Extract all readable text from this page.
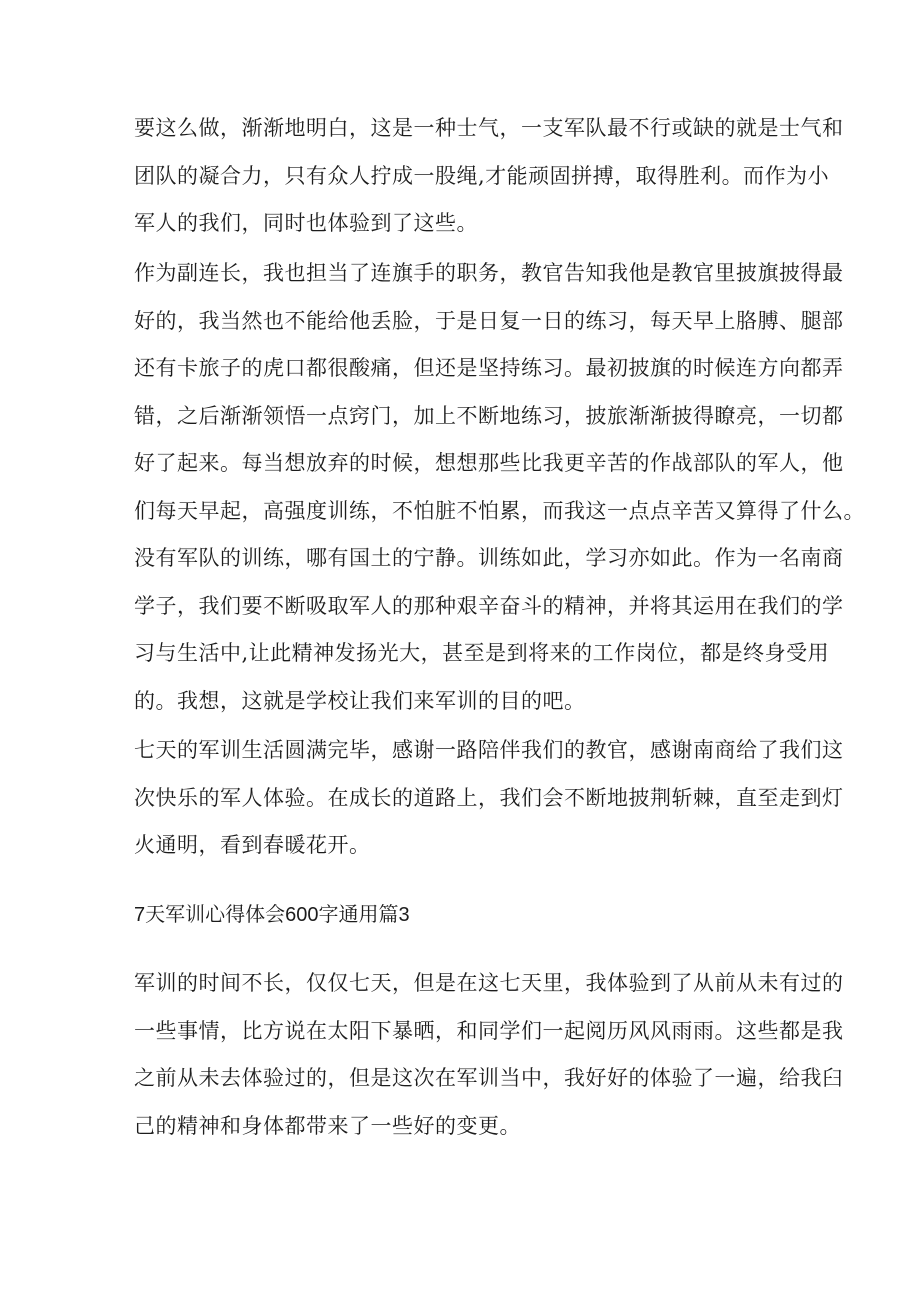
要这么做，渐渐地明白，这是一种士气，一支军队最不行或缺的就是士气和
团队的凝合力，只有众人拧成一股绳,才能顽固拼搏，取得胜利。而作为小
军人的我们，同时也体验到了这些。

作为副连长，我也担当了连旗手的职务，教官告知我他是教官里披旗披得最
好的，我当然也不能给他丢脸，于是日复一日的练习，每天早上胳膊、腿部
还有卡旅子的虎口都很酸痛，但还是坚持练习。最初披旗的时候连方向都弄
错，之后渐渐领悟一点窍门，加上不断地练习，披旅渐渐披得瞭亮，一切都
好了起来。每当想放弃的时候，想想那些比我更辛苦的作战部队的军人，他
们每天早起，高强度训练，不怕脏不怕累，而我这一点点辛苦又算得了什么。
没有军队的训练，哪有国土的宁静。训练如此，学习亦如此。作为一名南商
学子，我们要不断吸取军人的那种艰辛奋斗的精神，并将其运用在我们的学
习与生活中,让此精神发扬光大，甚至是到将来的工作岗位，都是终身受用
的。我想，这就是学校让我们来军训的目的吧。

七天的军训生活圆满完毕，感谢一路陪伴我们的教官，感谢南商给了我们这
次快乐的军人体验。在成长的道路上，我们会不断地披荆斩棘，直至走到灯
火通明，看到春暖花开。

7天军训心得体会600字通用篇3

军训的时间不长，仅仅七天，但是在这七天里，我体验到了从前从未有过的
一些事情，比方说在太阳下暴晒，和同学们一起阅历风风雨雨。这些都是我
之前从未去体验过的，但是这次在军训当中，我好好的体验了一遍，给我臼
己的精神和身体都带来了一些好的变更。
